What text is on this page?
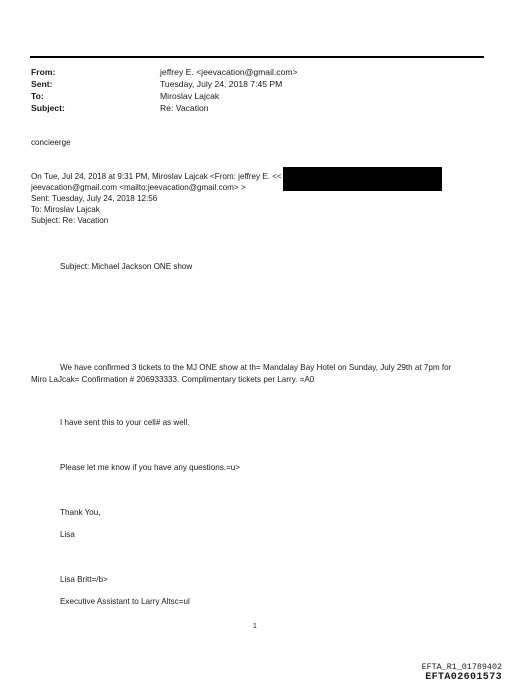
From:	jeffrey E. <jeevacation@gmail.com>
Sent:	Tuesday, July 24, 2018 7:45 PM
To:	Miroslav Lajcak
Subject:	Re: Vacation
concieerge
On Tue, Jul 24, 2018 at 9:31 PM, Miroslav Lajcak <From: jeffrey E. <<
jeevacation@gmail.com <mailto:jeevacation@gmail.com> >
Sent: Tuesday, July 24, 2018 12:56
To: Miroslav Lajcak
Subject: Re: Vacation
Subject: Michael Jackson ONE show
We have confirmed 3 tickets to the MJ ONE show at th= Mandalay Bay Hotel on Sunday, July 29th at 7pm for
Miro LaJcak= Confirmation # 206933333. Complimentary tickets per Larry. =A0
I have sent this to your cell# as well.
Please let me know if you have any questions.=u>
Thank You,
Lisa
Lisa Britt=/b>
Executive Assistant to Larry Altsc=ul
1
EFTA_R1_01789402
EFTA02601573
